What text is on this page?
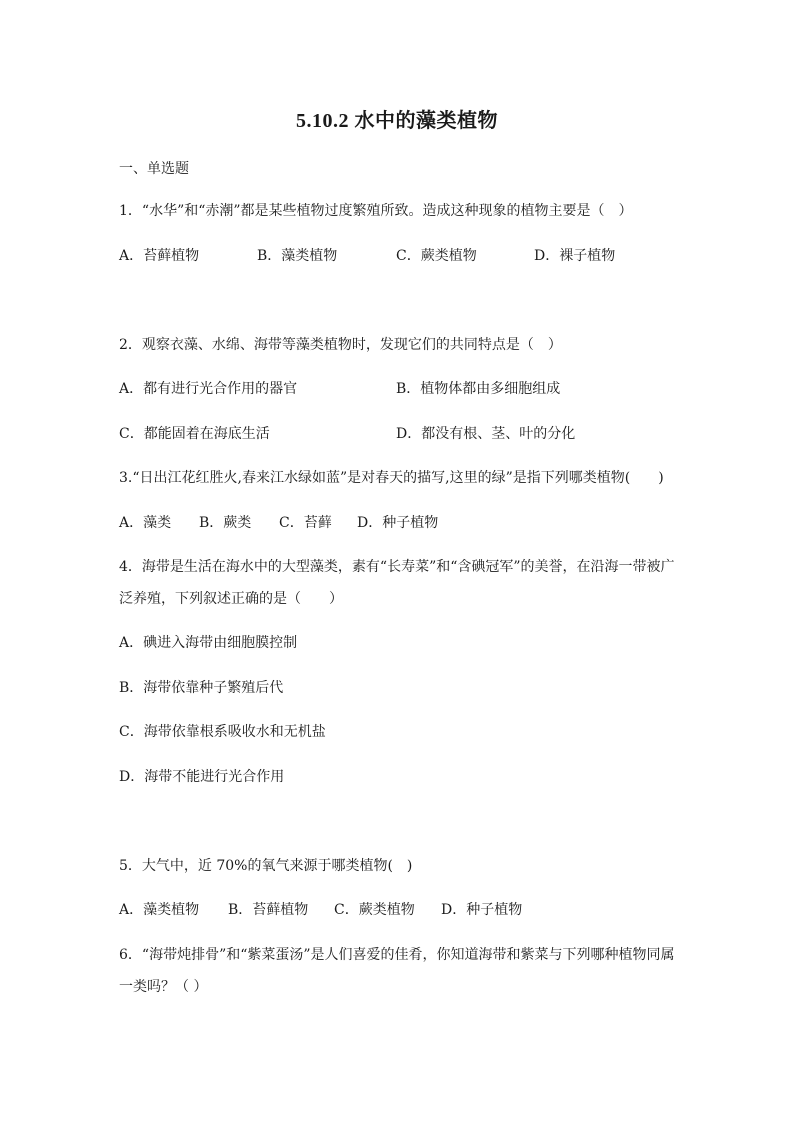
5.10.2 水中的藻类植物
一、单选题
1．“水华”和“赤潮”都是某些植物过度繁殖所致。造成这种现象的植物主要是（　）
A．苔藓植物	B．藻类植物	C．蕨类植物	D．裸子植物
2．观察衣藻、水绵、海带等藻类植物时，发现它们的共同特点是（　）
A．都有进行光合作用的器官	B．植物体都由多细胞组成
C．都能固着在海底生活	D．都没有根、茎、叶的分化
3.“日出江花红胜火,春来江水绿如蓝”是对春天的描写,这里的绿”是指下列哪类植物(　　)
A．藻类 B．蕨类 C．苔藓 D．种子植物
4．海带是生活在海水中的大型藻类，素有“长寿菜”和“含碘冠军”的美誉，在沿海一带被广
泛养殖，下列叙述正确的是（　　）
A．碘进入海带由细胞膜控制
B．海带依靠种子繁殖后代
C．海带依靠根系吸收水和无机盐
D．海带不能进行光合作用
5．大气中，近 70%的氧气来源于哪类植物(　)
A．藻类植物 B．苔藓植物 C．蕨类植物 D．种子植物
6．“海带炖排骨”和“紫菜蛋汤”是人们喜爱的佳肴，你知道海带和紫菜与下列哪种植物同属
一类吗？（ ）
